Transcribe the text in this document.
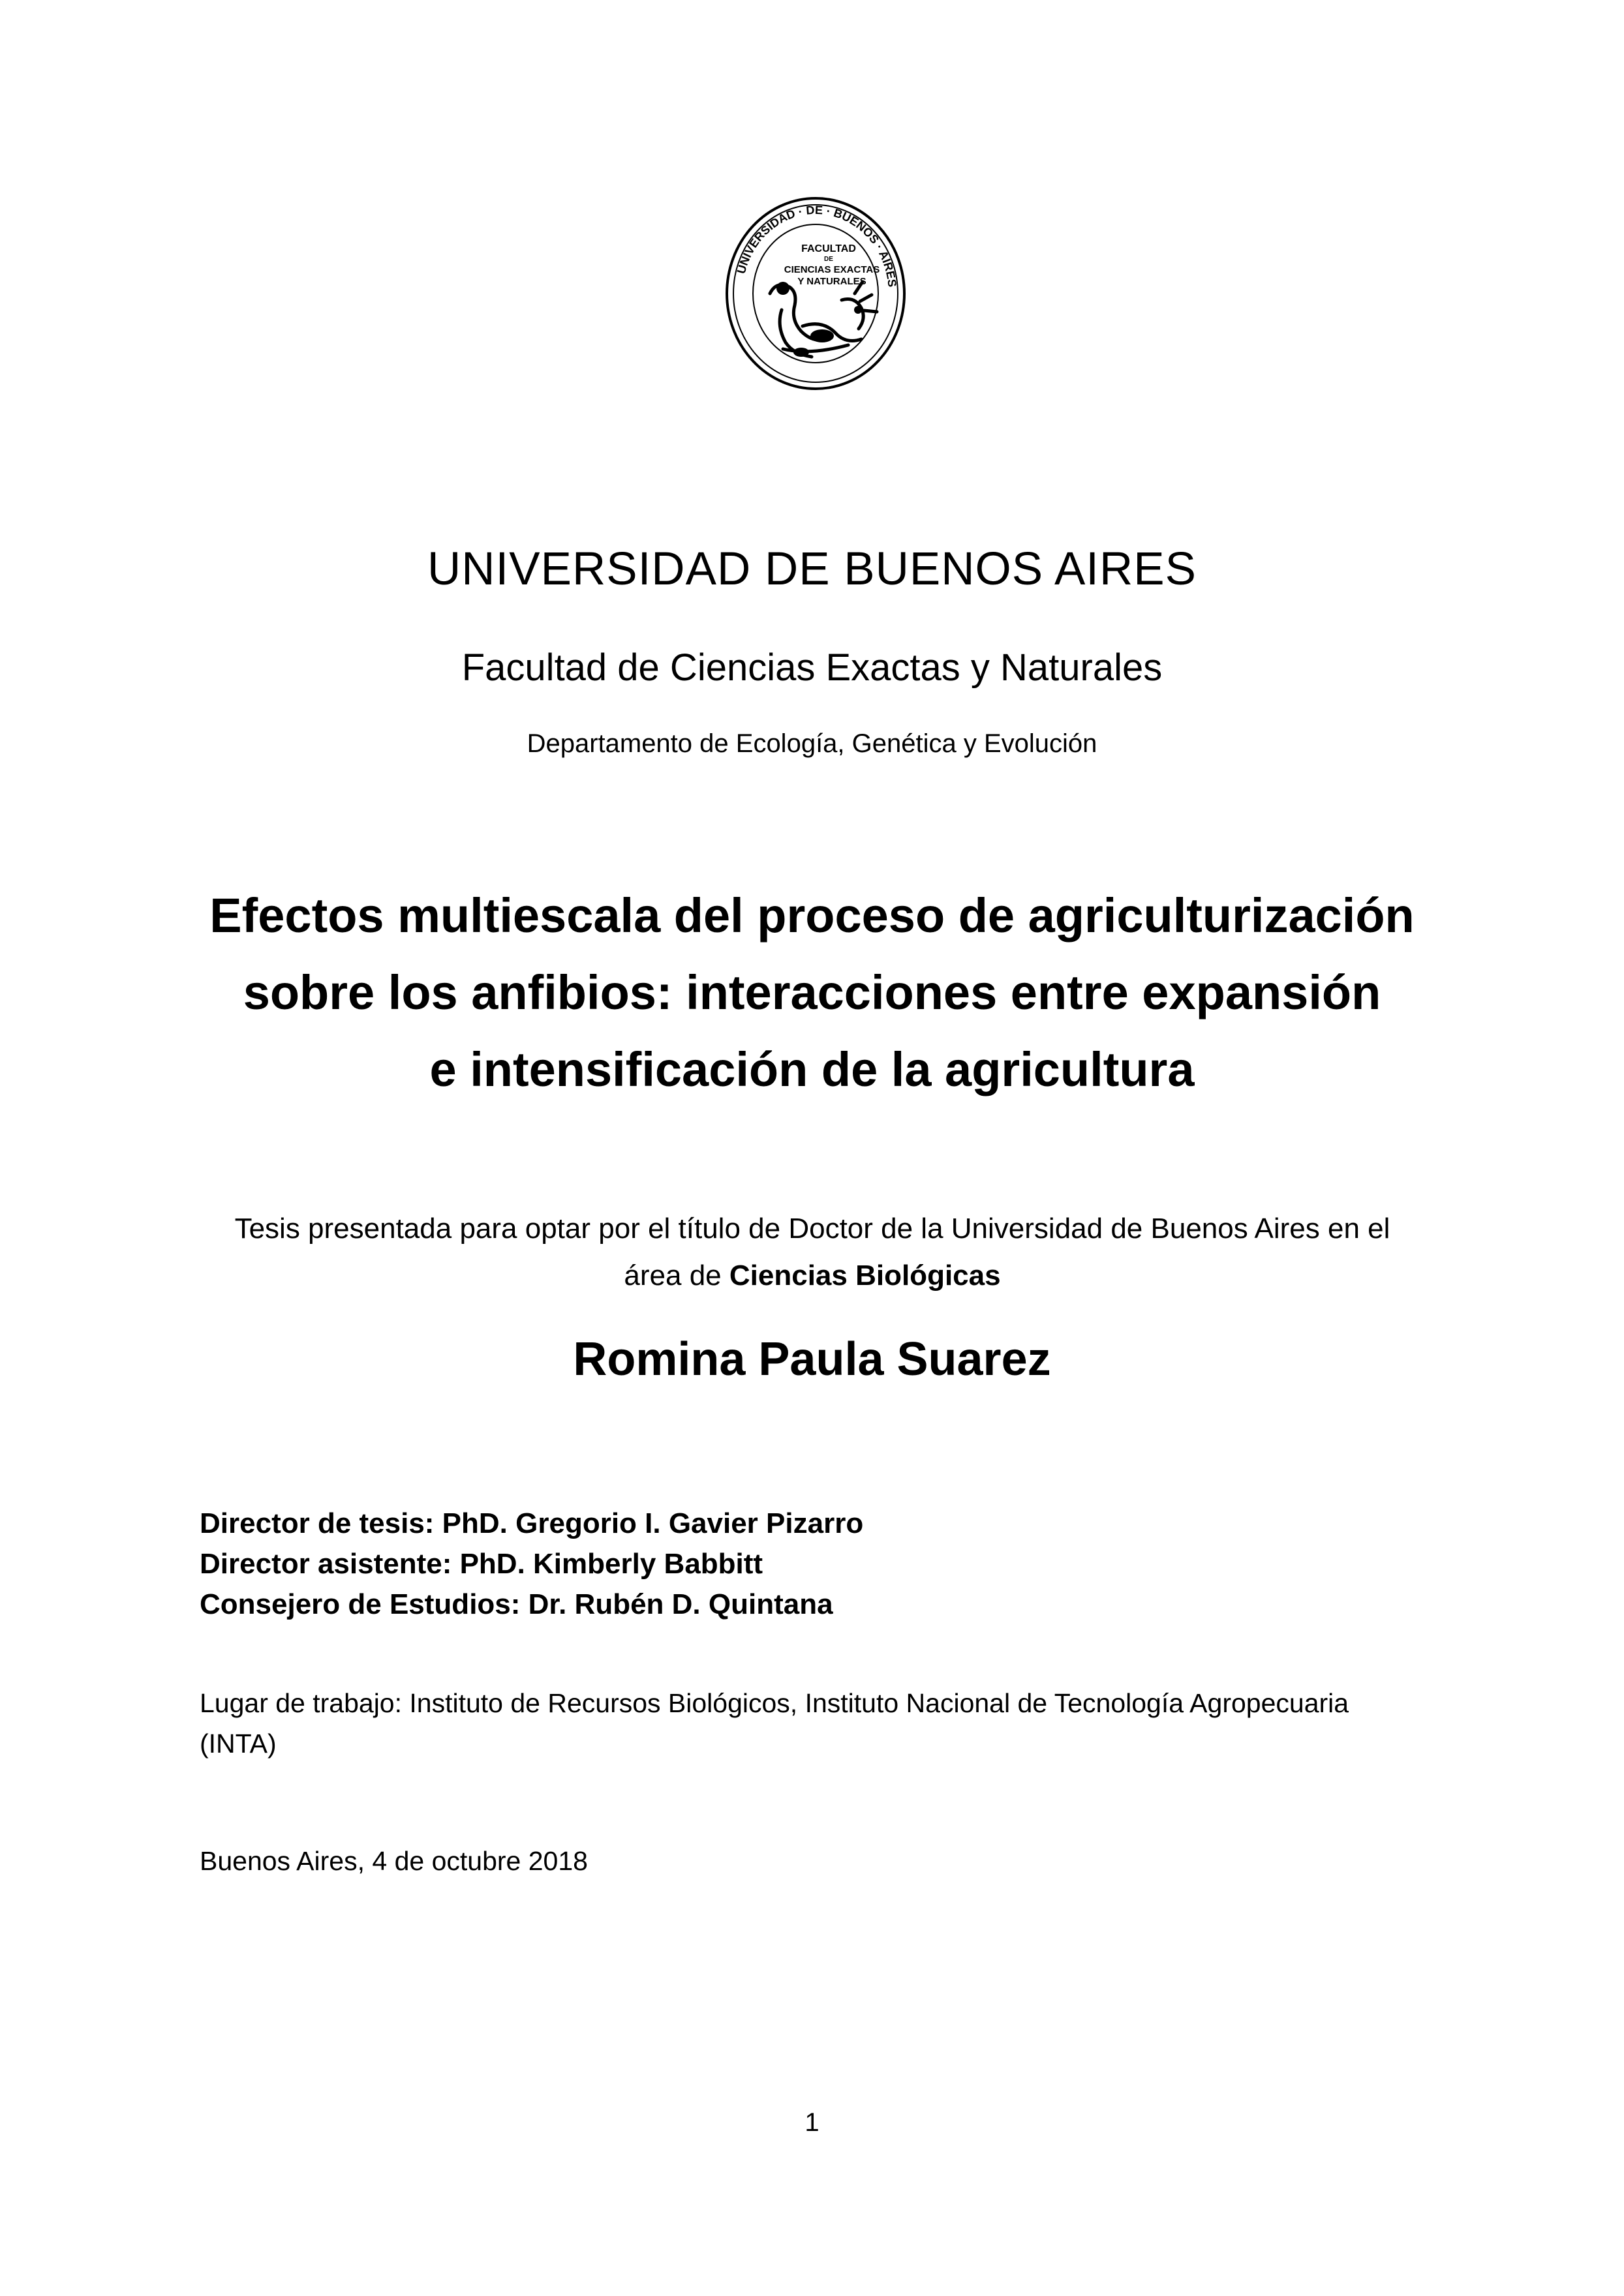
UNIVERSIDAD · DE · BUENOS · AIRES
FACULTAD
DE
CIENCIAS EXACTAS
Y NATURALES
UNIVERSIDAD DE BUENOS AIRES
Facultad de Ciencias Exactas y Naturales
Departamento de Ecología, Genética y Evolución
Efectos multiescala del proceso de agriculturización
sobre los anfibios: interacciones entre expansión
e intensificación de la agricultura
Tesis presentada para optar por el título de Doctor de la Universidad de Buenos Aires en el
área de Ciencias Biológicas
Romina Paula Suarez
Director de tesis: PhD. Gregorio I. Gavier Pizarro
Director asistente: PhD. Kimberly Babbitt
Consejero de Estudios: Dr. Rubén D. Quintana
Lugar de trabajo: Instituto de Recursos Biológicos, Instituto Nacional de Tecnología Agropecuaria
(INTA)
Buenos Aires, 4 de octubre 2018
1
